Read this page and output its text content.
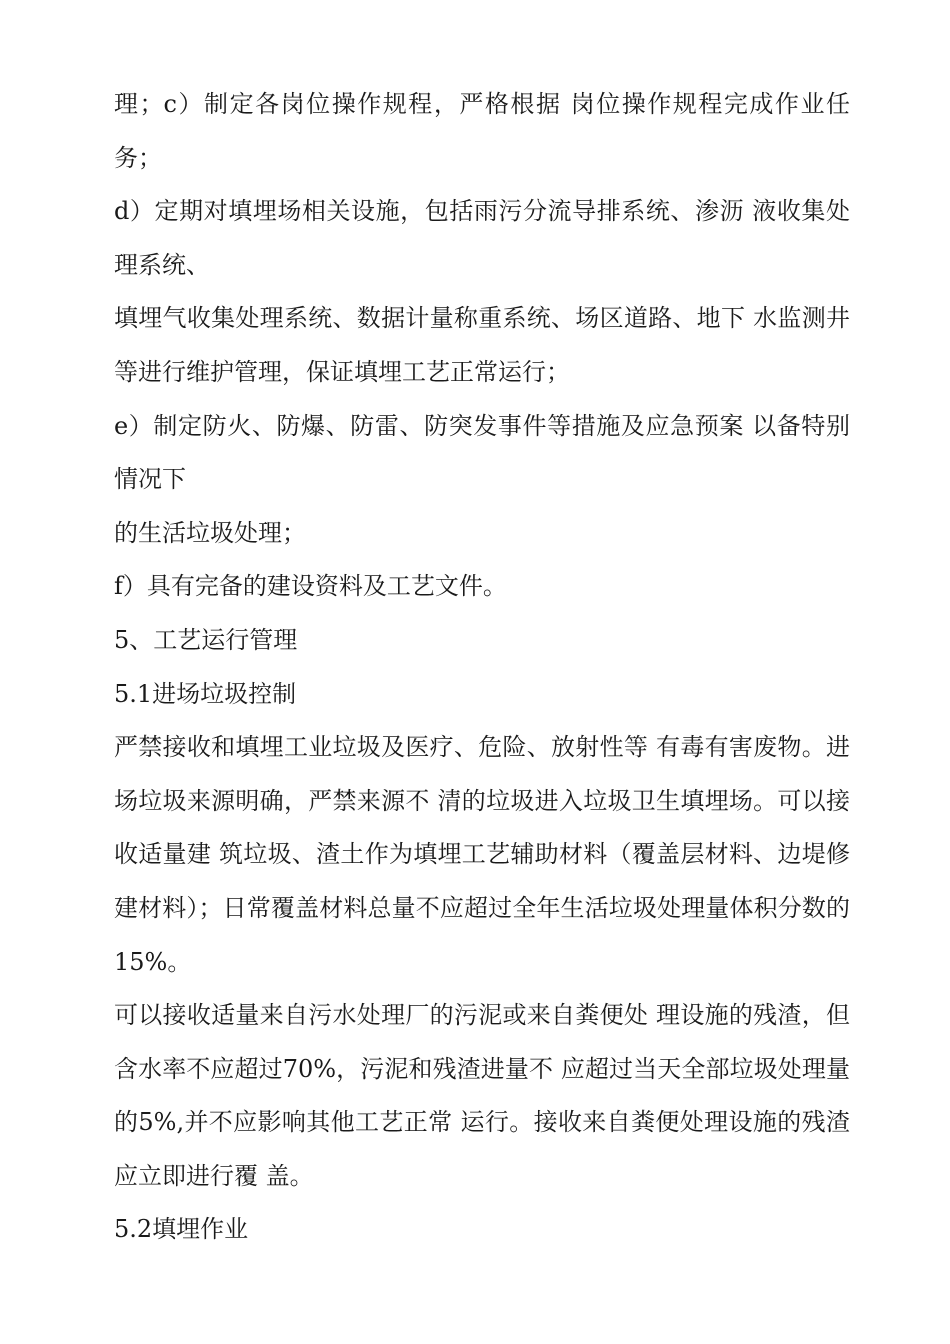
理；c）制定各岗位操作规程，严格根据 岗位操作规程完成作业任务；

d）定期对填埋场相关设施，包括雨污分流导排系统、渗沥 液收集处理系统、

填埋气收集处理系统、数据计量称重系统、场区道路、地下 水监测井等进行维护管理，保证填埋工艺正常运行；

e）制定防火、防爆、防雷、防突发事件等措施及应急预案 以备特别情况下

的生活垃圾处理；

f）具有完备的建设资料及工艺文件。

5、工艺运行管理

5.1进场垃圾控制

严禁接收和填埋工业垃圾及医疗、危险、放射性等 有毒有害废物。进场垃圾来源明确，严禁来源不 清的垃圾进入垃圾卫生填埋场。可以接收适量建 筑垃圾、渣土作为填埋工艺辅助材料（覆盖层材料、边堤修 建材料）；日常覆盖材料总量不应超过全年生活垃圾处理量体积分数的15%。

可以接收适量来自污水处理厂的污泥或来自粪便处 理设施的残渣，但含水率不应超过70%，污泥和残渣进量不 应超过当天全部垃圾处理量的5%,并不应影响其他工艺正常 运行。接收来自粪便处理设施的残渣应立即进行覆 盖。

5.2填埋作业
